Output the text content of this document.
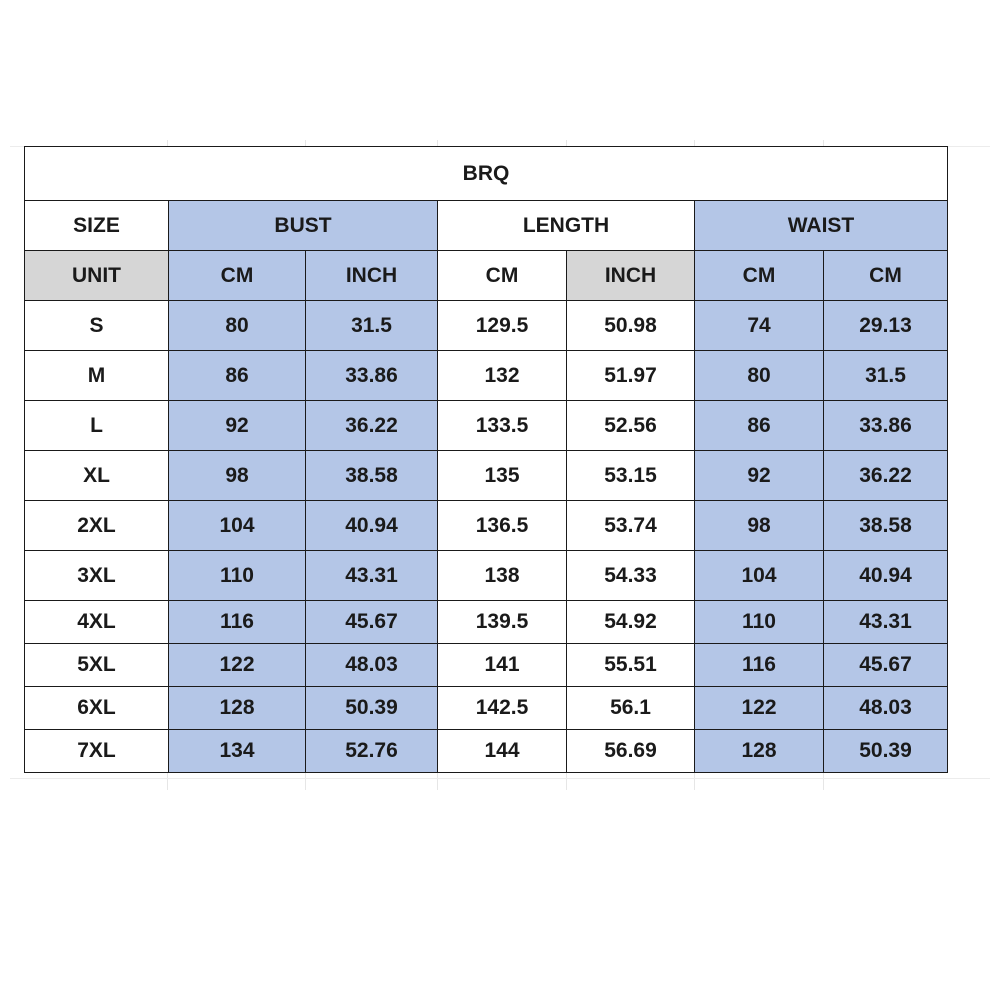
BRQ						
SIZE	BUST		LENGTH		WAIST	
UNIT	CM	INCH	CM	INCH	CM	CM
S	80	31.5	129.5	50.98	74	29.13
M	86	33.86	132	51.97	80	31.5
L	92	36.22	133.5	52.56	86	33.86
XL	98	38.58	135	53.15	92	36.22
2XL	104	40.94	136.5	53.74	98	38.58
3XL	110	43.31	138	54.33	104	40.94
4XL	116	45.67	139.5	54.92	110	43.31
5XL	122	48.03	141	55.51	116	45.67
6XL	128	50.39	142.5	56.1	122	48.03
7XL	134	52.76	144	56.69	128	50.39
